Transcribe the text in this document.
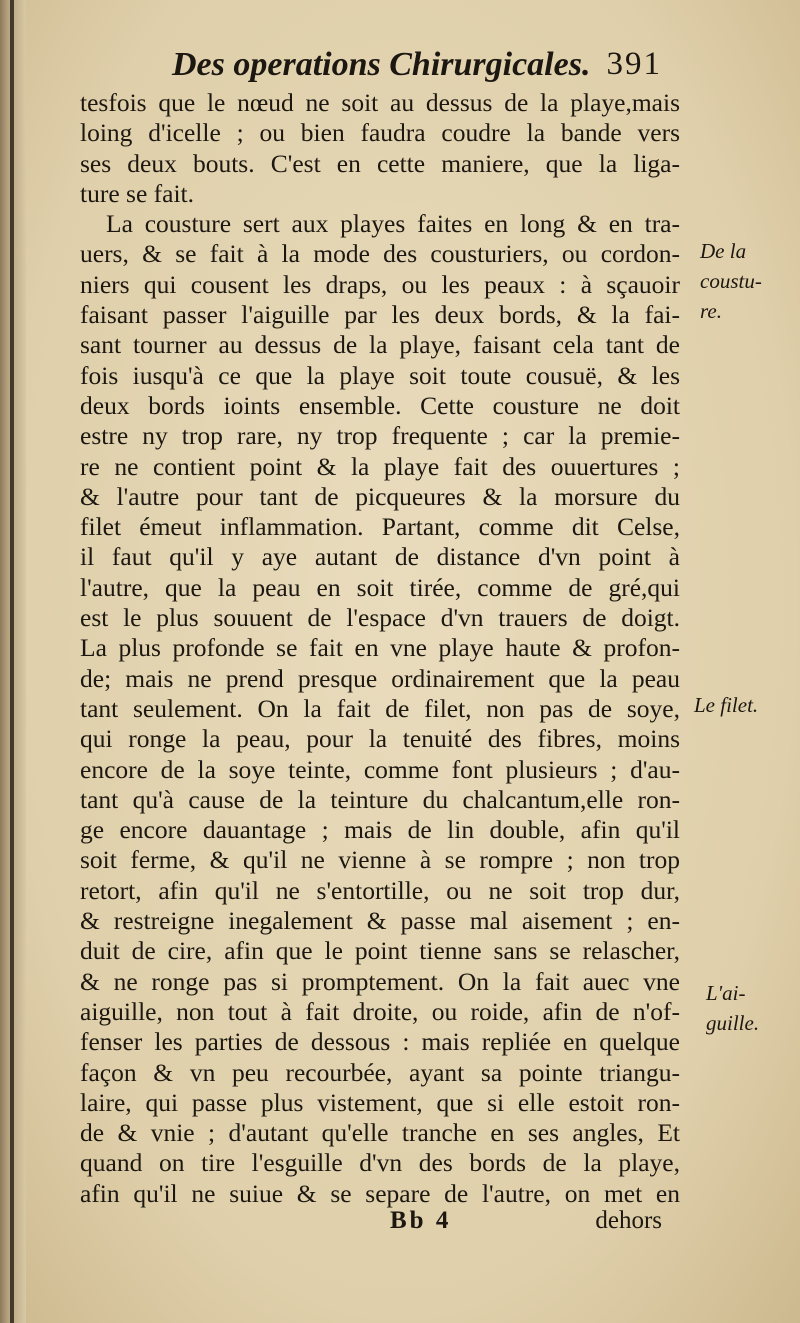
Des operations Chirurgicales. 391
tesfois que le nœud ne soit au dessus de la playe,mais
loing d'icelle ; ou bien faudra coudre la bande vers
ses deux bouts. C'est en cette maniere, que la liga-
ture se fait.
La cousture sert aux playes faites en long & en tra-
uers, & se fait à la mode des cousturiers, ou cordon-
niers qui cousent les draps, ou les peaux : à sçauoir
faisant passer l'aiguille par les deux bords, & la fai-
sant tourner au dessus de la playe, faisant cela tant de
fois iusqu'à ce que la playe soit toute cousuë, & les
deux bords ioints ensemble. Cette cousture ne doit
estre ny trop rare, ny trop frequente ; car la premie-
re ne contient point & la playe fait des ouuertures ;
& l'autre pour tant de picqueures & la morsure du
filet émeut inflammation. Partant, comme dit Celse,
il faut qu'il y aye autant de distance d'vn point à
l'autre, que la peau en soit tirée, comme de gré,qui
est le plus souuent de l'espace d'vn trauers de doigt.
La plus profonde se fait en vne playe haute & profon-
de; mais ne prend presque ordinairement que la peau
tant seulement. On la fait de filet, non pas de soye,
qui ronge la peau, pour la tenuité des fibres, moins
encore de la soye teinte, comme font plusieurs ; d'au-
tant qu'à cause de la teinture du chalcantum,elle ron-
ge encore dauantage ; mais de lin double, afin qu'il
soit ferme, & qu'il ne vienne à se rompre ; non trop
retort, afin qu'il ne s'entortille, ou ne soit trop dur,
& restreigne inegalement & passe mal aisement ; en-
duit de cire, afin que le point tienne sans se relascher,
& ne ronge pas si promptement. On la fait auec vne
aiguille, non tout à fait droite, ou roide, afin de n'of-
fenser les parties de dessous : mais repliée en quelque
façon & vn peu recourbée, ayant sa pointe triangu-
laire, qui passe plus vistement, que si elle estoit ron-
de & vnie ; d'autant qu'elle tranche en ses angles, Et
quand on tire l'esguille d'vn des bords de la playe,
afin qu'il ne suiue & se separe de l'autre, on met en
De la
coustu-
re.
Le filet.
L'ai-
guille.
Bb 4	dehors
